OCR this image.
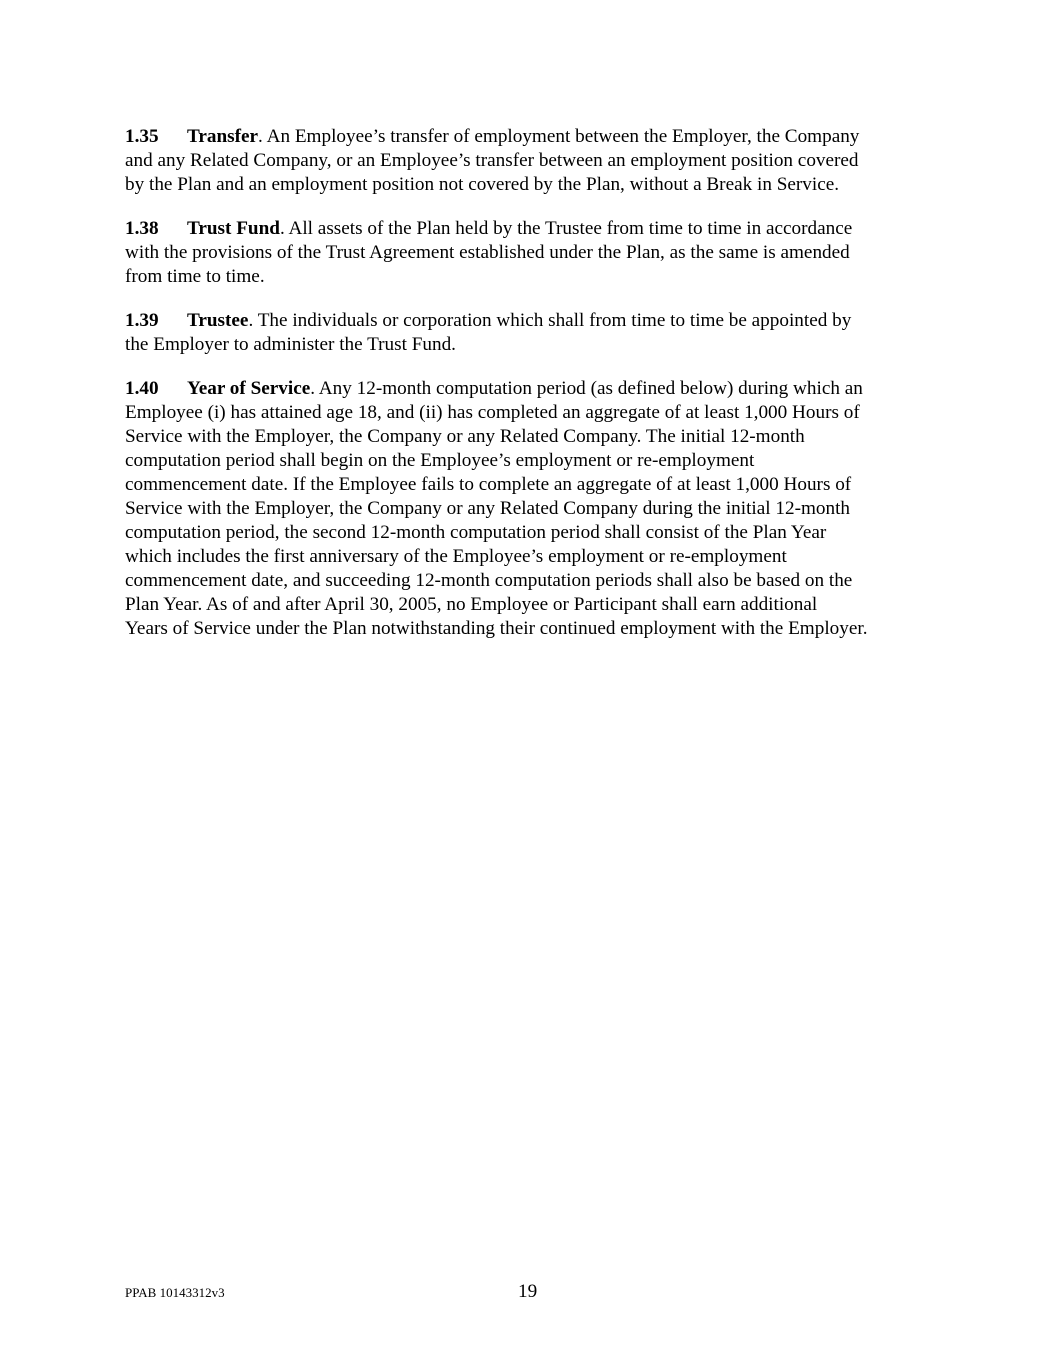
1.35 Transfer. An Employee’s transfer of employment between the Employer, the Company
and any Related Company, or an Employee’s transfer between an employment position covered
by the Plan and an employment position not covered by the Plan, without a Break in Service.
1.38 Trust Fund. All assets of the Plan held by the Trustee from time to time in accordance
with the provisions of the Trust Agreement established under the Plan, as the same is amended
from time to time.
1.39 Trustee. The individuals or corporation which shall from time to time be appointed by
the Employer to administer the Trust Fund.
1.40 Year of Service. Any 12-month computation period (as defined below) during which an
Employee (i) has attained age 18, and (ii) has completed an aggregate of at least 1,000 Hours of
Service with the Employer, the Company or any Related Company. The initial 12-month
computation period shall begin on the Employee’s employment or re-employment
commencement date. If the Employee fails to complete an aggregate of at least 1,000 Hours of
Service with the Employer, the Company or any Related Company during the initial 12-month
computation period, the second 12-month computation period shall consist of the Plan Year
which includes the first anniversary of the Employee’s employment or re-employment
commencement date, and succeeding 12-month computation periods shall also be based on the
Plan Year. As of and after April 30, 2005, no Employee or Participant shall earn additional
Years of Service under the Plan notwithstanding their continued employment with the Employer.
PPAB 10143312v3	19
